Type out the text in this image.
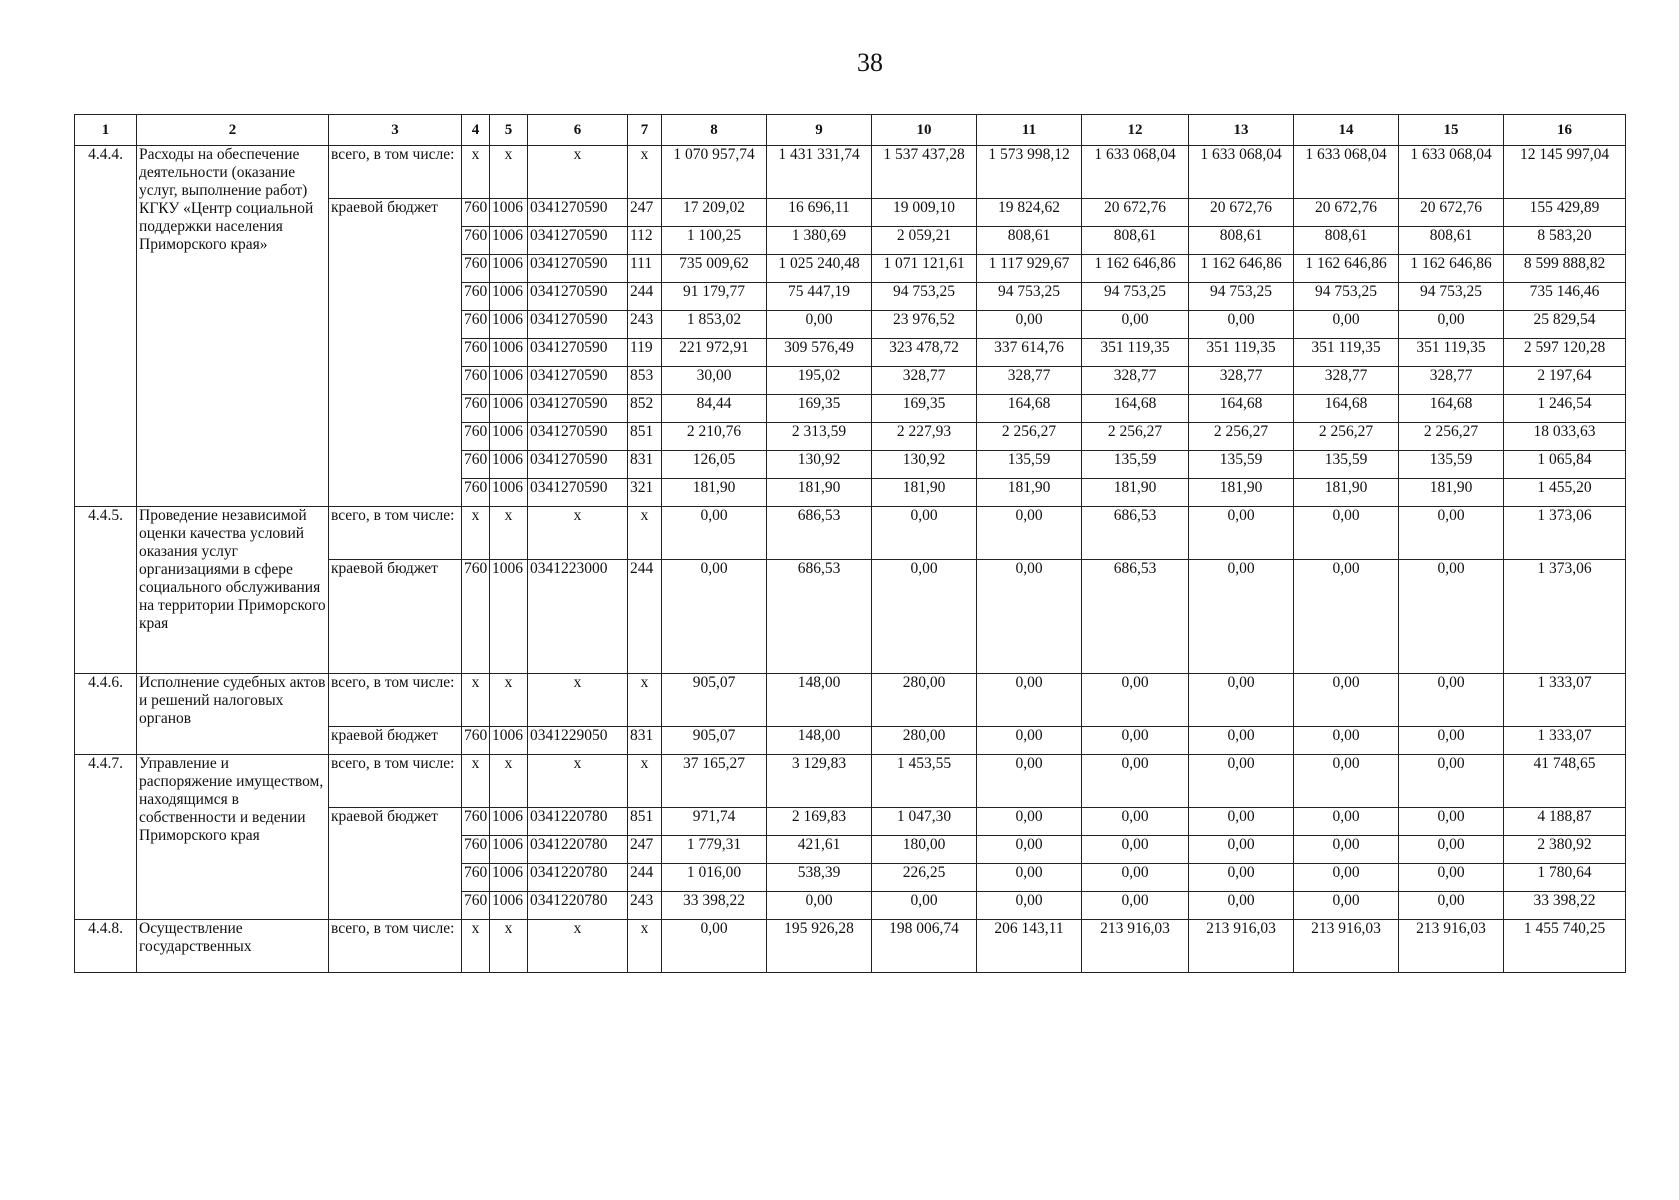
38
1	2	3	4	5	6	7	8	9	10	11	12	13	14	15	16
4.4.4.	Расходы на обеспечение деятельности (оказание услуг, выполнение работ) КГКУ «Центр социальной поддержки населения Приморского края»	всего, в том числе:	x	x	x	x	1 070 957,74	1 431 331,74	1 537 437,28	1 573 998,12	1 633 068,04	1 633 068,04	1 633 068,04	1 633 068,04	12 145 997,04
		краевой бюджет	760	1006	0341270590	247	17 209,02	16 696,11	19 009,10	19 824,62	20 672,76	20 672,76	20 672,76	20 672,76	155 429,89
			760	1006	0341270590	112	1 100,25	1 380,69	2 059,21	808,61	808,61	808,61	808,61	808,61	8 583,20
			760	1006	0341270590	111	735 009,62	1 025 240,48	1 071 121,61	1 117 929,67	1 162 646,86	1 162 646,86	1 162 646,86	1 162 646,86	8 599 888,82
			760	1006	0341270590	244	91 179,77	75 447,19	94 753,25	94 753,25	94 753,25	94 753,25	94 753,25	94 753,25	735 146,46
			760	1006	0341270590	243	1 853,02	0,00	23 976,52	0,00	0,00	0,00	0,00	0,00	25 829,54
			760	1006	0341270590	119	221 972,91	309 576,49	323 478,72	337 614,76	351 119,35	351 119,35	351 119,35	351 119,35	2 597 120,28
			760	1006	0341270590	853	30,00	195,02	328,77	328,77	328,77	328,77	328,77	328,77	2 197,64
			760	1006	0341270590	852	84,44	169,35	169,35	164,68	164,68	164,68	164,68	164,68	1 246,54
			760	1006	0341270590	851	2 210,76	2 313,59	2 227,93	2 256,27	2 256,27	2 256,27	2 256,27	2 256,27	18 033,63
			760	1006	0341270590	831	126,05	130,92	130,92	135,59	135,59	135,59	135,59	135,59	1 065,84
			760	1006	0341270590	321	181,90	181,90	181,90	181,90	181,90	181,90	181,90	181,90	1 455,20
4.4.5.	Проведение независимой оценки качества условий оказания услуг организациями в сфере социального обслуживания на территории Приморского края	всего, в том числе:	x	x	x	x	0,00	686,53	0,00	0,00	686,53	0,00	0,00	0,00	1 373,06
		краевой бюджет	760	1006	0341223000	244	0,00	686,53	0,00	0,00	686,53	0,00	0,00	0,00	1 373,06
4.4.6.	Исполнение судебных актов и решений налоговых органов	всего, в том числе:	x	x	x	x	905,07	148,00	280,00	0,00	0,00	0,00	0,00	0,00	1 333,07
		краевой бюджет	760	1006	0341229050	831	905,07	148,00	280,00	0,00	0,00	0,00	0,00	0,00	1 333,07
4.4.7.	Управление и распоряжение имуществом, находящимся в собственности и ведении Приморского края	всего, в том числе:	x	x	x	x	37 165,27	3 129,83	1 453,55	0,00	0,00	0,00	0,00	0,00	41 748,65
		краевой бюджет	760	1006	0341220780	851	971,74	2 169,83	1 047,30	0,00	0,00	0,00	0,00	0,00	4 188,87
			760	1006	0341220780	247	1 779,31	421,61	180,00	0,00	0,00	0,00	0,00	0,00	2 380,92
			760	1006	0341220780	244	1 016,00	538,39	226,25	0,00	0,00	0,00	0,00	0,00	1 780,64
			760	1006	0341220780	243	33 398,22	0,00	0,00	0,00	0,00	0,00	0,00	0,00	33 398,22
4.4.8.	Осуществление государственных	всего, в том числе:	x	x	x	x	0,00	195 926,28	198 006,74	206 143,11	213 916,03	213 916,03	213 916,03	213 916,03	1 455 740,25
